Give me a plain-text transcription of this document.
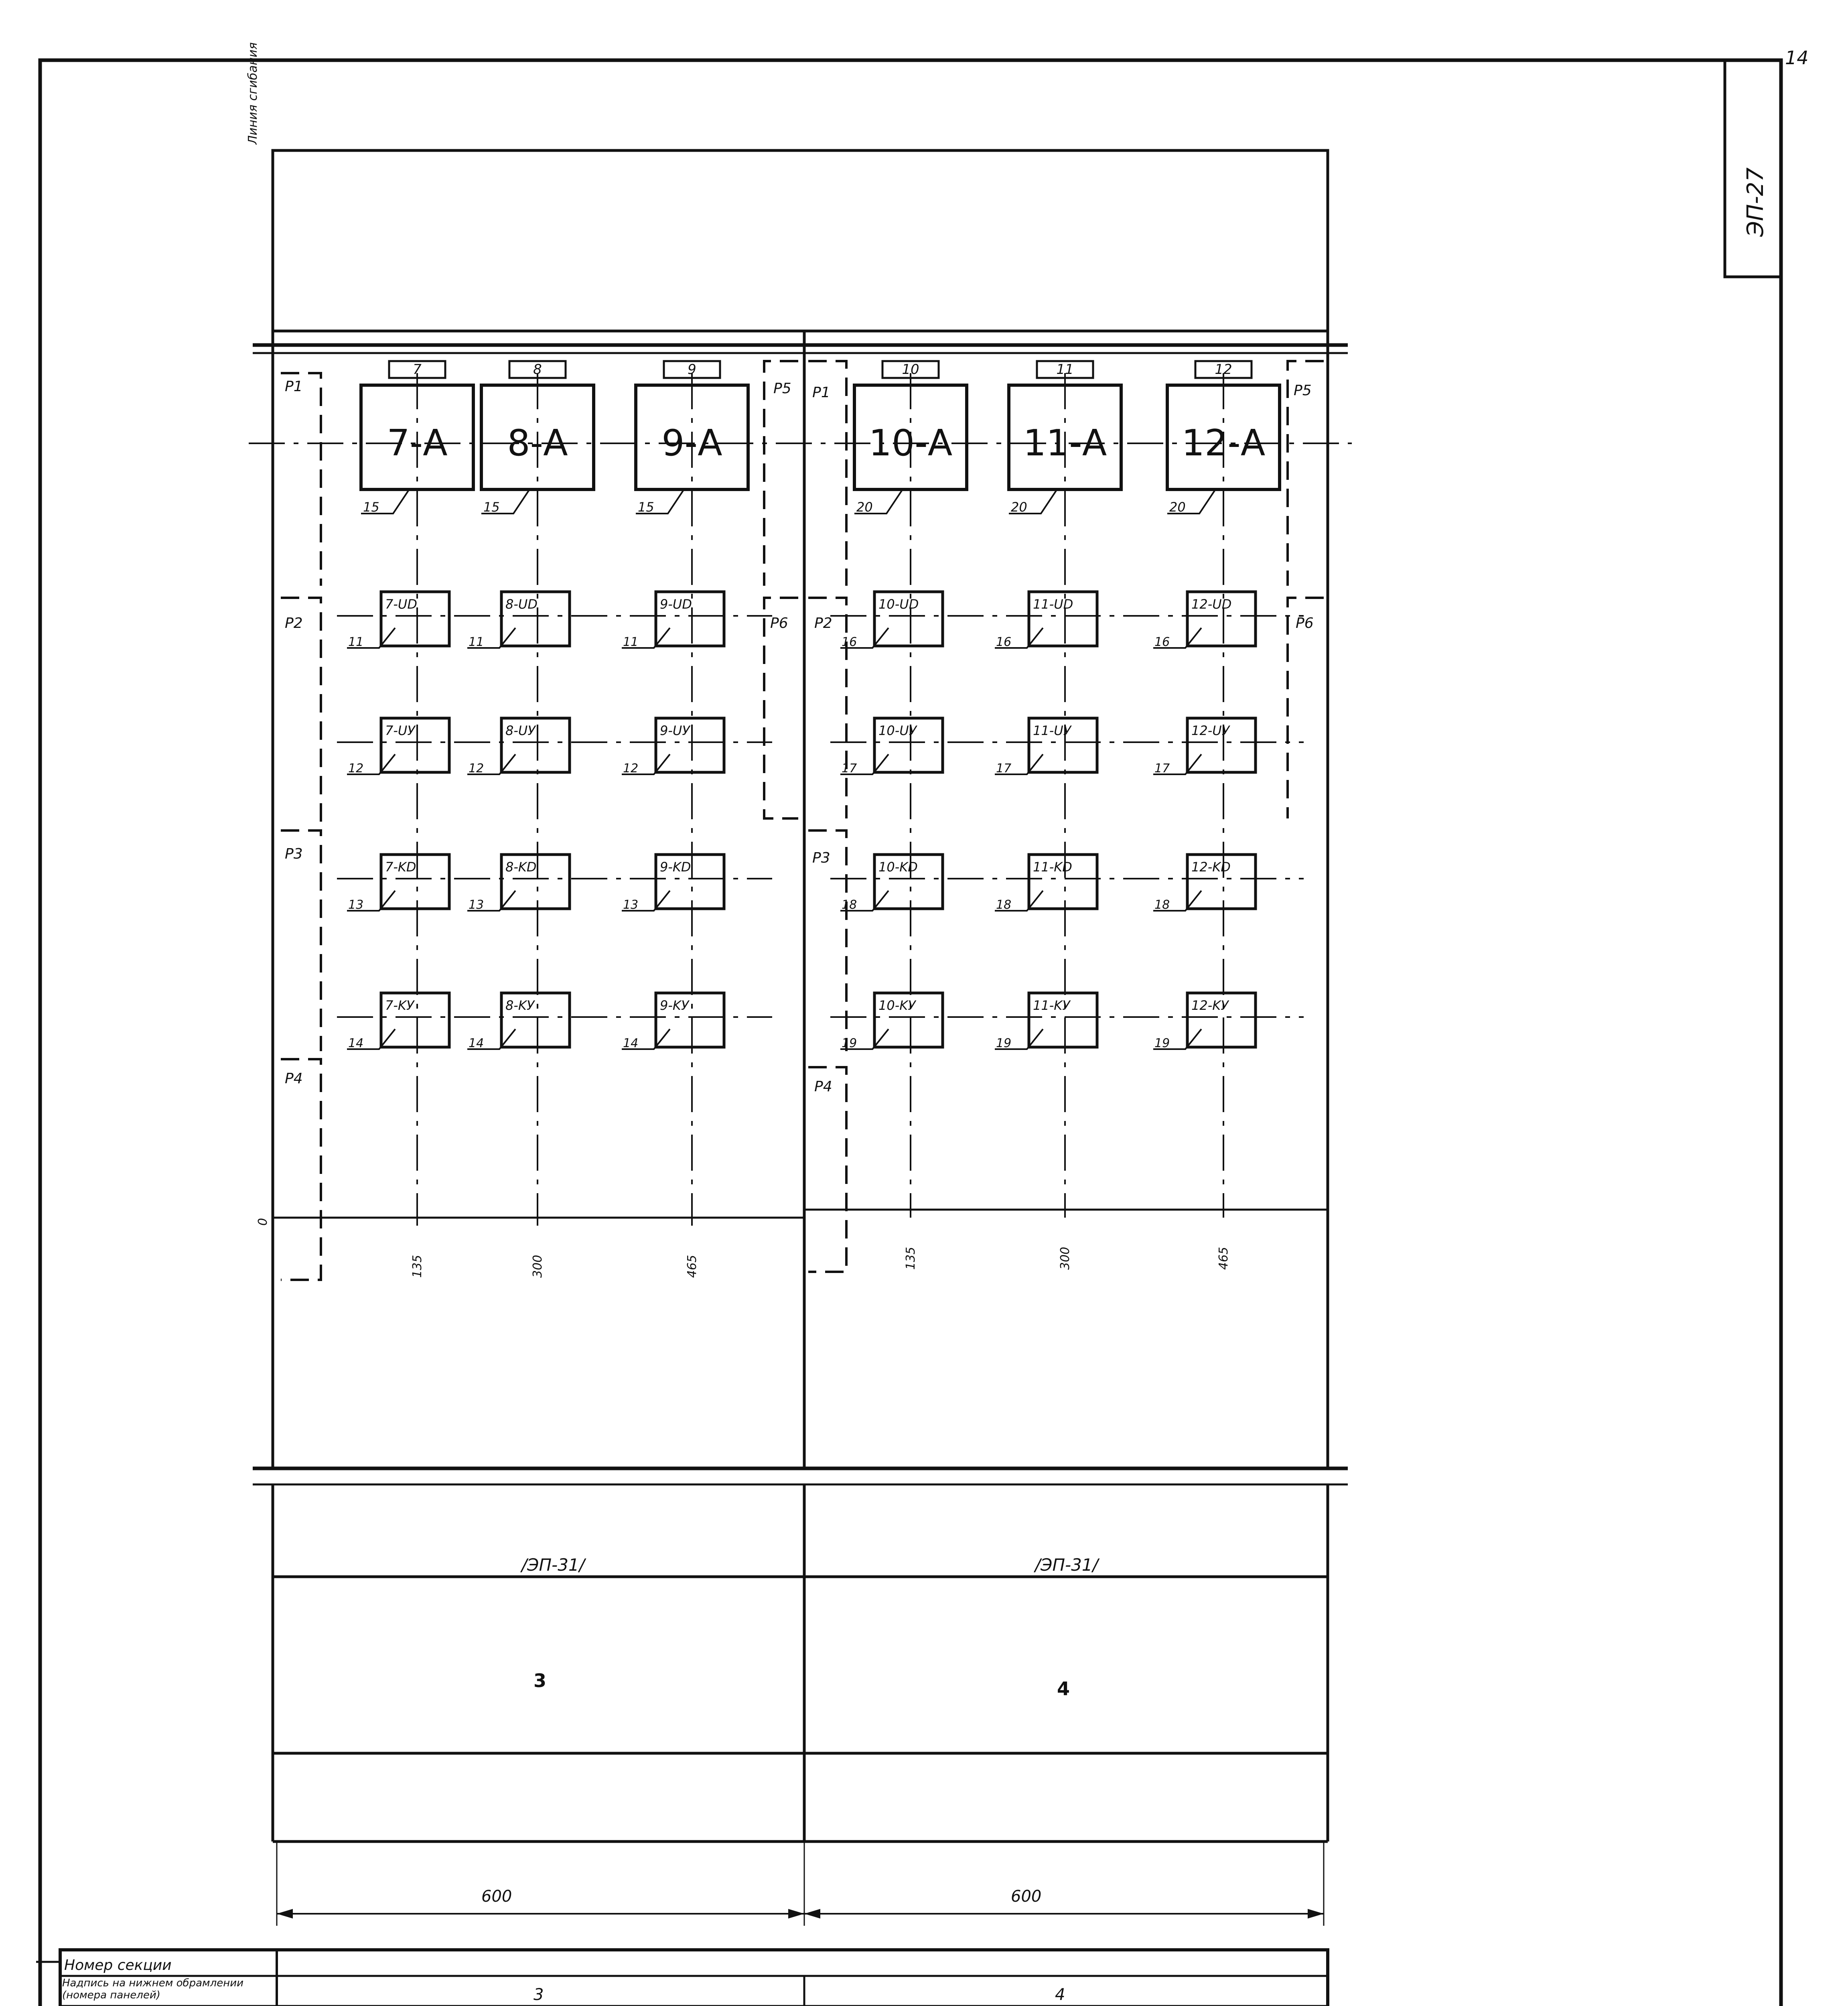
14
ЭП-27
Линия сгибания
Р1
Р2
Р3
Р4
Р5
Р6
7
7-А
15
8
8-А
15
9
9-А
15
7-UD
11
8-UD
11
9-UD
11
7-UУ
12
8-UУ
12
9-UУ
12
7-KD
13
8-KD
13
9-KD
13
7-KУ
14
8-KУ
14
9-KУ
14
135	300	465
0
Р1
Р2
Р3
Р4
Р5
Р6
10
10-А
20
11
11-А
20
12
12-А
20
10-UD
16
11-UD
16
12-UD
16
10-UУ
17
11-UУ
17
12-UУ
17
10-KD
18
11-KD
18
12-KD
18
10-KУ
19
11-KУ
19
12-KУ
19
135	300	465
/ЭП-31/	/ЭП-31/
3	4
600	600
Номер секции
Надпись на нижнем обрамлении (номера панелей)	3	4
